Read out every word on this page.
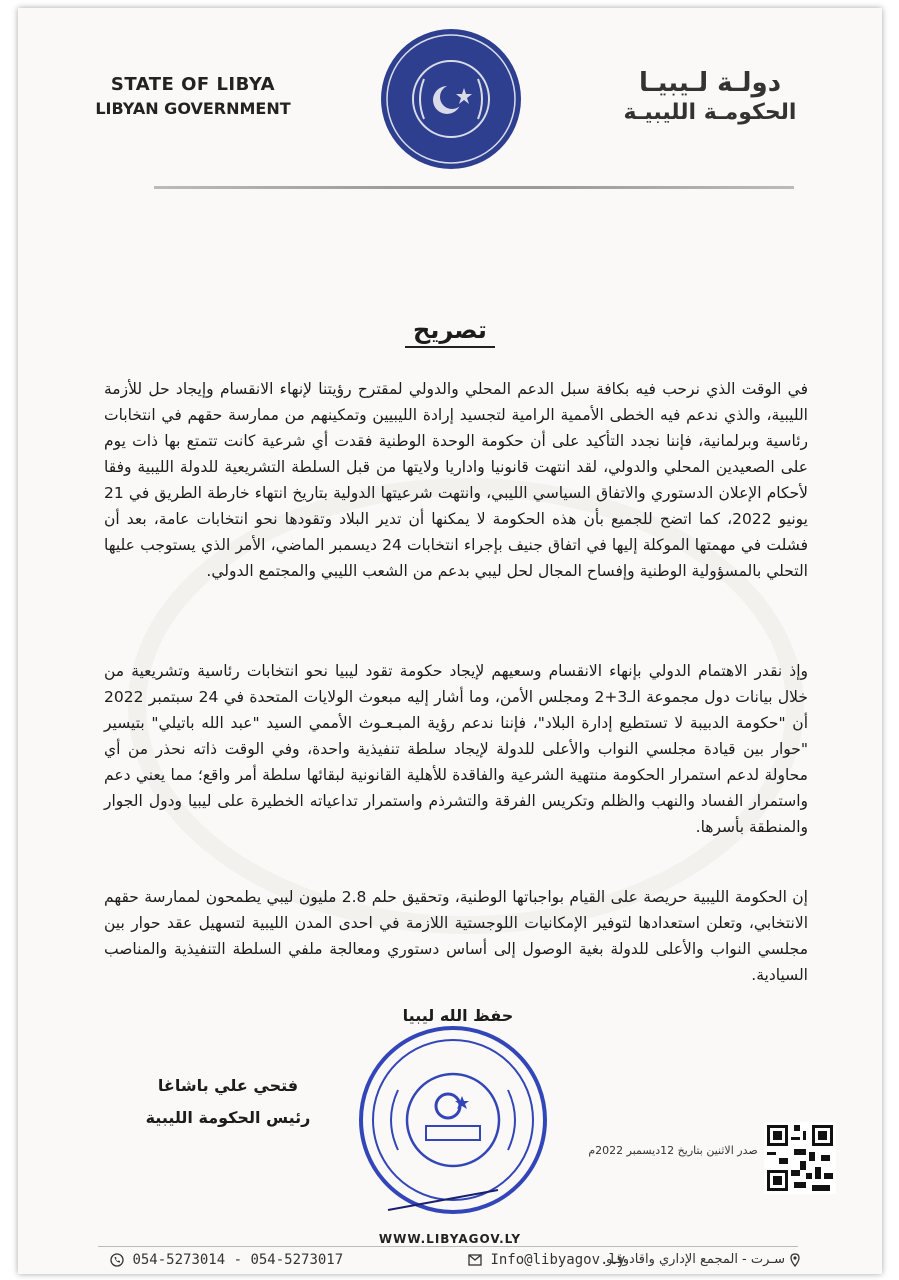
STATE OF LIBYA
LIBYAN GOVERNMENT
دولـة لـيبيـا
الحكومـة الليبيـة
تصريح
في الوقت الذي نرحب فيه بكافة سبل الدعم المحلي والدولي لمقترح رؤيتنا لإنهاء الانقسام وإيجاد حل للأزمة الليبية، والذي ندعم فيه الخطى الأممية الرامية لتجسيد إرادة الليبيين وتمكينهم من ممارسة حقهم في انتخابات رئاسية وبرلمانية، فإننا نجدد التأكيد على أن حكومة الوحدة الوطنية فقدت أي شرعية كانت تتمتع بها ذات يوم على الصعيدين المحلي والدولي، لقد انتهت قانونيا واداريا ولايتها من قبل السلطة التشريعية للدولة الليبية وفقا لأحكام الإعلان الدستوري والاتفاق السياسي الليبي، وانتهت شرعيتها الدولية بتاريخ انتهاء خارطة الطريق في 21 يونيو 2022، كما اتضح للجميع بأن هذه الحكومة لا يمكنها أن تدير البلاد وتقودها نحو انتخابات عامة، بعد أن فشلت في مهمتها الموكلة إليها في اتفاق جنيف بإجراء انتخابات 24 ديسمبر الماضي، الأمر الذي يستوجب عليها التحلي بالمسؤولية الوطنية وإفساح المجال لحل ليبي بدعم من الشعب الليبي والمجتمع الدولي.
وإذ نقدر الاهتمام الدولي بإنهاء الانقسام وسعيهم لإيجاد حكومة تقود ليبيا نحو انتخابات رئاسية وتشريعية من خلال بيانات دول مجموعة الـ3+2 ومجلس الأمن، وما أشار إليه مبعوث الولايات المتحدة في 24 سبتمبر 2022 أن "حكومة الدبيبة لا تستطيع إدارة البلاد"، فإننا ندعم رؤية المبـعـوث الأممي السيد "عبد الله باتيلي" بتيسير "حوار بين قيادة مجلسي النواب والأعلى للدولة لإيجاد سلطة تنفيذية واحدة، وفي الوقت ذاته نحذر من أي محاولة لدعم استمرار الحكومة منتهية الشرعية والفاقدة للأهلية القانونية لبقائها سلطة أمر واقع؛ مما يعني دعم واستمرار الفساد والنهب والظلم وتكريس الفرقة والتشرذم واستمرار تداعياته الخطيرة على ليبيا ودول الجوار والمنطقة بأسرها.
إن الحكومة الليبية حريصة على القيام بواجباتها الوطنية، وتحقيق حلم 2.8 مليون ليبي يطمحون لممارسة حقهم الانتخابي، وتعلن استعدادها لتوفير الإمكانيات اللوجستية اللازمة في احدى المدن الليبية لتسهيل عقد حوار بين مجلسي النواب والأعلى للدولة بغية الوصول إلى أساس دستوري ومعالجة ملفي السلطة التنفيذية والمناصب السيادية.
حفظ الله ليبيا
فتحي علي باشاغا
رئيس الحكومة الليبية
صدر الاثنين بتاريخ 12ديسمبر 2022م
WWW.LIBYAGOV.LY
054-5273014 - 054-5273017	Info@libyagov.ly
سـرت - المجمع الإداري واقادوقـو
